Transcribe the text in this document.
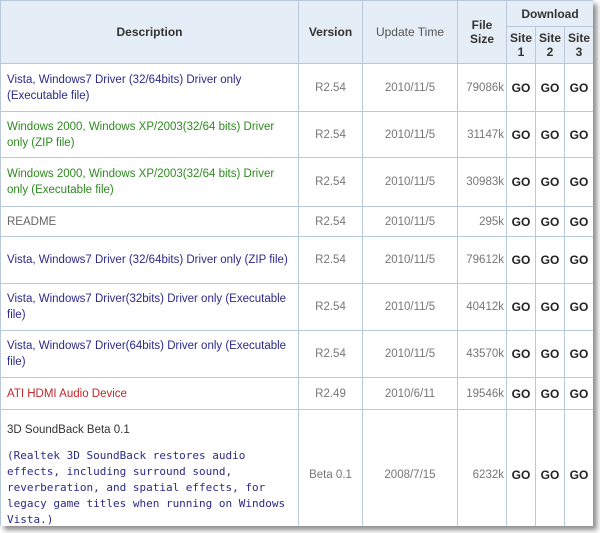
Description	Version	Update Time	File Size	Download		
				Site 1	Site 2	Site 3
Vista, Windows7 Driver (32/64bits) Driver only (Executable file)	R2.54	2010/11/5	79086k	GO	GO	GO
Windows 2000, Windows XP/2003(32/64 bits) Driver only (ZIP file)	R2.54	2010/11/5	31147k	GO	GO	GO
Windows 2000, Windows XP/2003(32/64 bits) Driver only (Executable file)	R2.54	2010/11/5	30983k	GO	GO	GO
README	R2.54	2010/11/5	295k	GO	GO	GO
Vista, Windows7 Driver (32/64bits) Driver only (ZIP file)	R2.54	2010/11/5	79612k	GO	GO	GO
Vista, Windows7 Driver(32bits) Driver only (Executable file)	R2.54	2010/11/5	40412k	GO	GO	GO
Vista, Windows7 Driver(64bits) Driver only (Executable file)	R2.54	2010/11/5	43570k	GO	GO	GO
ATI HDMI Audio Device	R2.49	2010/6/11	19546k	GO	GO	GO

3D SoundBack Beta 0.1
(Realtek 3D SoundBack restores audio effects, including surround sound, reverberation, and spatial effects, for legacy game titles when running on Windows Vista.)	Beta 0.1	2008/7/15	6232k	GO	GO	GO
